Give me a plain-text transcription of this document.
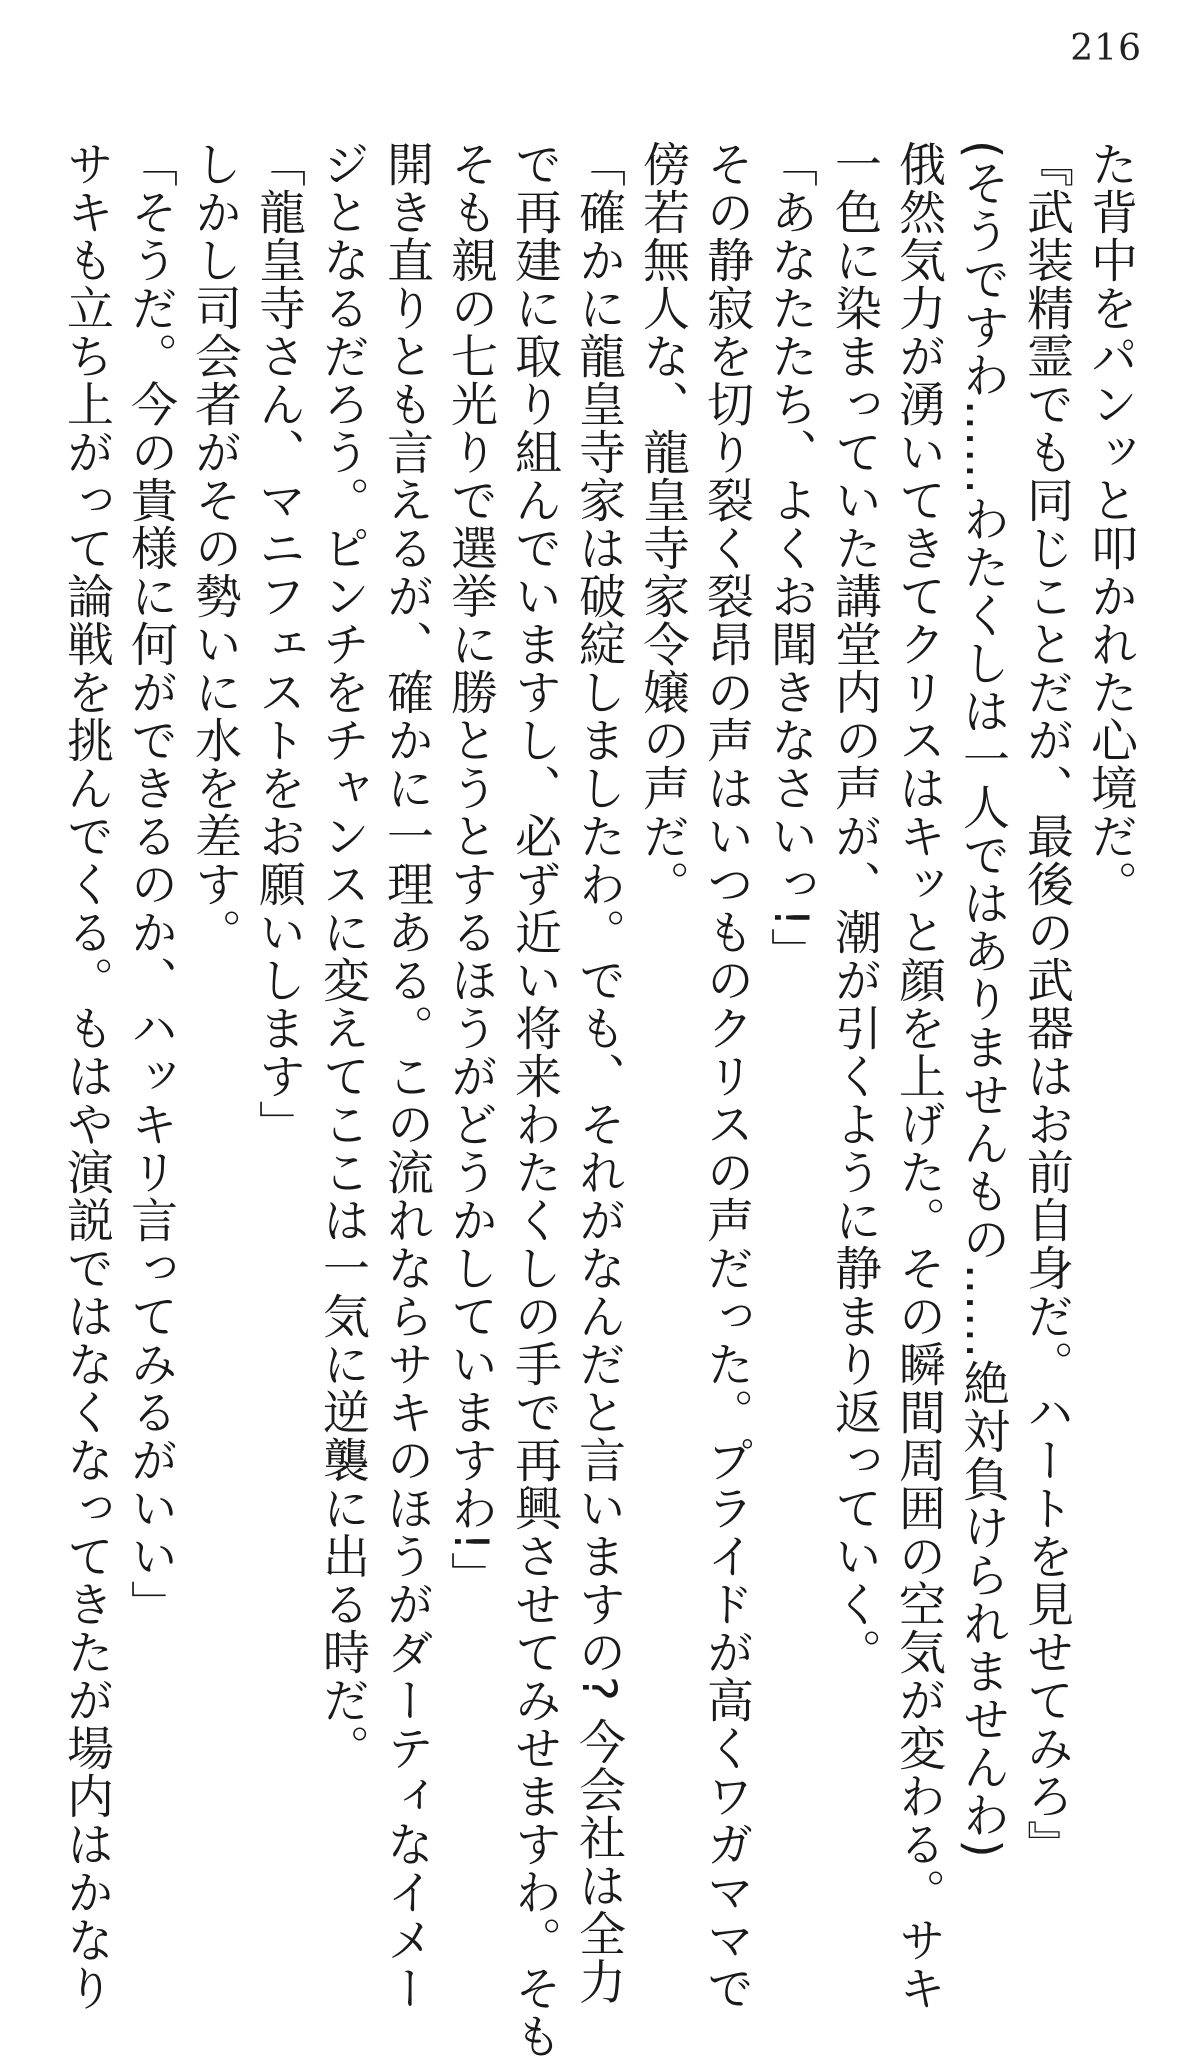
216

た背中をパンッと叩かれた心境だ。

『武装精霊でも同じことだが、最後の武器はお前自身だ。ハートを見せてみろ』

(そうですわ……わたくしは一人ではありませんもの……絶対負けられませんわ)

俄然気力が湧いてきてクリスはキッと顔を上げた。その瞬間周囲の空気が変わる。サキ

一色に染まっていた講堂内の声が、潮が引くように静まり返っていく。

「あなたたち、よくお聞きなさいっ!」

その静寂を切り裂く裂昂の声はいつものクリスの声だった。プライドが高くワガママで

傍若無人な、龍皇寺家令嬢の声だ。

「確かに龍皇寺家は破綻しましたわ。でも、それがなんだと言いますの? 今会社は全力

で再建に取り組んでいますし、必ず近い将来わたくしの手で再興させてみせますわ。そも

そも親の七光りで選挙に勝とうとするほうがどうかしていますわ!」

開き直りとも言えるが、確かに一理ある。この流れならサキのほうがダーティなイメー

ジとなるだろう。ピンチをチャンスに変えてここは一気に逆襲に出る時だ。

「龍皇寺さん、マニフェストをお願いします」

しかし司会者がその勢いに水を差す。

「そうだ。今の貴様に何ができるのか、ハッキリ言ってみるがいい」

サキも立ち上がって論戦を挑んでくる。もはや演説ではなくなってきたが場内はかなり
